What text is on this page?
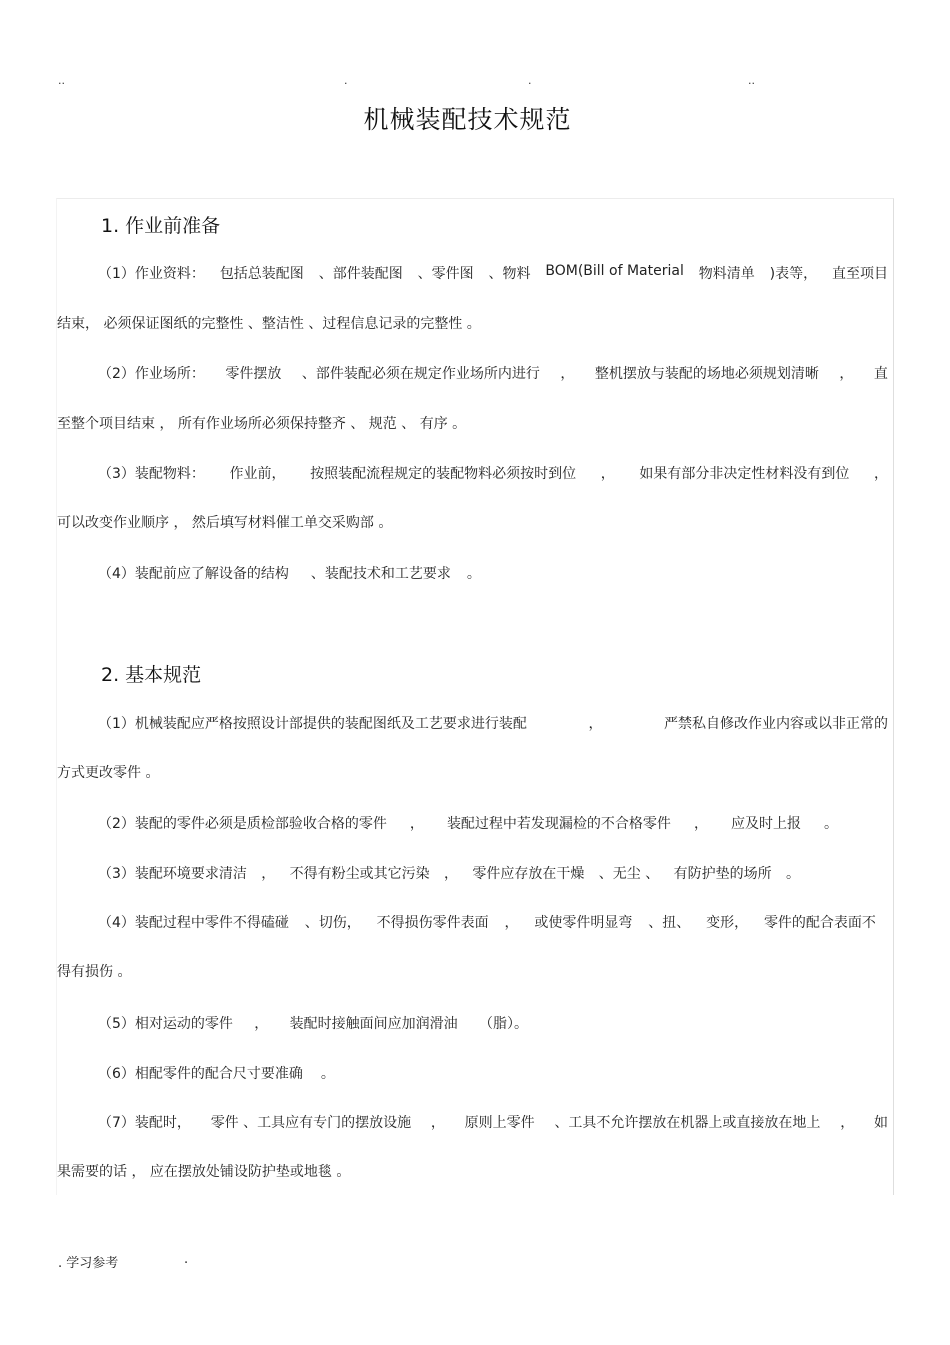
..	.	.	..
机械装配技术规范
1. 作业前准备
（1）作业资料： 包括总装配图 、部件装配图 、零件图 、物料 BOM(Bill of Material 物料清单 )表等， 直至项目
结束， 必须保证图纸的完整性 、整洁性 、过程信息记录的完整性 。
（2）作业场所： 零件摆放 、部件装配必须在规定作业场所内进行 ， 整机摆放与装配的场地必须规划清晰 ， 直
至整个项目结束 ， 所有作业场所必须保持整齐 、 规范 、 有序 。
（3）装配物料： 作业前， 按照装配流程规定的装配物料必须按时到位 ， 如果有部分非决定性材料没有到位 ，
可以改变作业顺序 ， 然后填写材料催工单交采购部 。
（4）装配前应了解设备的结构 、装配技术和工艺要求 。
2. 基本规范
（1）机械装配应严格按照设计部提供的装配图纸及工艺要求进行装配	，	严禁私自修改作业内容或以非正常的
方式更改零件 。
（2）装配的零件必须是质检部验收合格的零件 ， 装配过程中若发现漏检的不合格零件 ， 应及时上报 。
（3）装配环境要求清洁 ， 不得有粉尘或其它污染 ， 零件应存放在干燥 、无尘 、 有防护垫的场所 。
（4）装配过程中零件不得磕碰 、切伤， 不得损伤零件表面 ， 或使零件明显弯 、扭、 变形， 零件的配合表面不
得有损伤 。
（5）相对运动的零件 ， 装配时接触面间应加润滑油 （脂）。
（6）相配零件的配合尺寸要准确 。
（7）装配时， 零件 、工具应有专门的摆放设施 ， 原则上零件 、工具不允许摆放在机器上或直接放在地上 ， 如
果需要的话 ， 应在摆放处铺设防护垫或地毯 。
. 学习参考	.
